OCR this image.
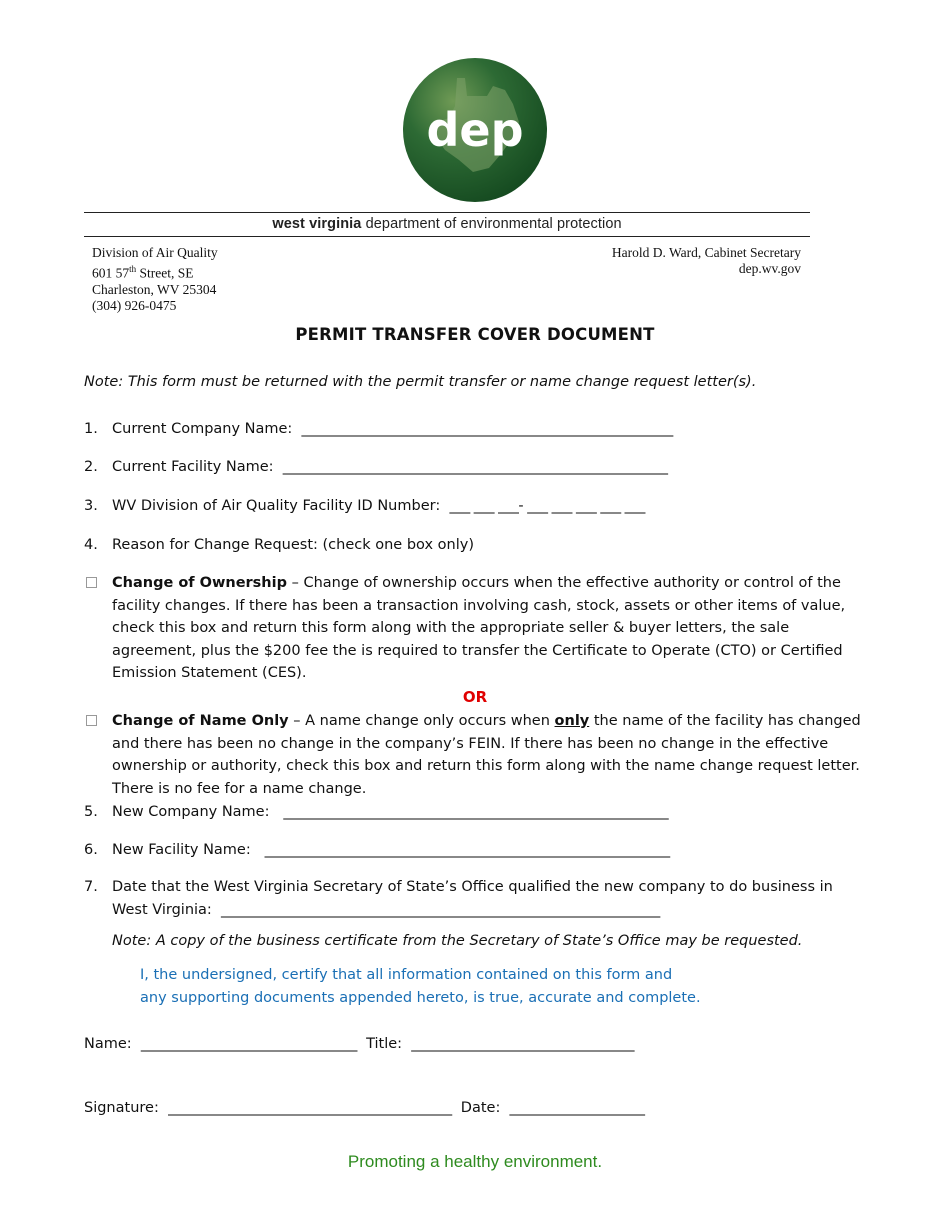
dep
west virginia department of environmental protection
Division of Air Quality
601 57th Street, SE
Charleston, WV 25304
(304) 926-0475
Harold D. Ward, Cabinet Secretary
dep.wv.gov
PERMIT TRANSFER COVER DOCUMENT
Note: This form must be returned with the permit transfer or name change request letter(s).
1. Current Company Name: _______________________________________________________
2. Current Facility Name: _________________________________________________________
3. WV Division of Air Quality Facility ID Number: ___ ___ ___- ___ ___ ___ ___ ___
4. Reason for Change Request: (check one box only)
Change of Ownership – Change of ownership occurs when the effective authority or control of the facility changes. If there has been a transaction involving cash, stock, assets or other items of value, check this box and return this form along with the appropriate seller & buyer letters, the sale agreement, plus the $200 fee the is required to transfer the Certificate to Operate (CTO) or Certified Emission Statement (CES).
OR
Change of Name Only – A name change only occurs when only the name of the facility has changed and there has been no change in the company’s FEIN. If there has been no change in the effective ownership or authority, check this box and return this form along with the name change request letter. There is no fee for a name change.
5. New Company Name: _________________________________________________________
6. New Facility Name: ____________________________________________________________
7. Date that the West Virginia Secretary of State’s Office qualified the new company to do business in
West Virginia: _________________________________________________________________
Note: A copy of the business certificate from the Secretary of State’s Office may be requested.
I, the undersigned, certify that all information contained on this form and
any supporting documents appended hereto, is true, accurate and complete.
Name: ________________________________ Title: _________________________________
Signature: __________________________________________ Date: ____________________
Promoting a healthy environment.
